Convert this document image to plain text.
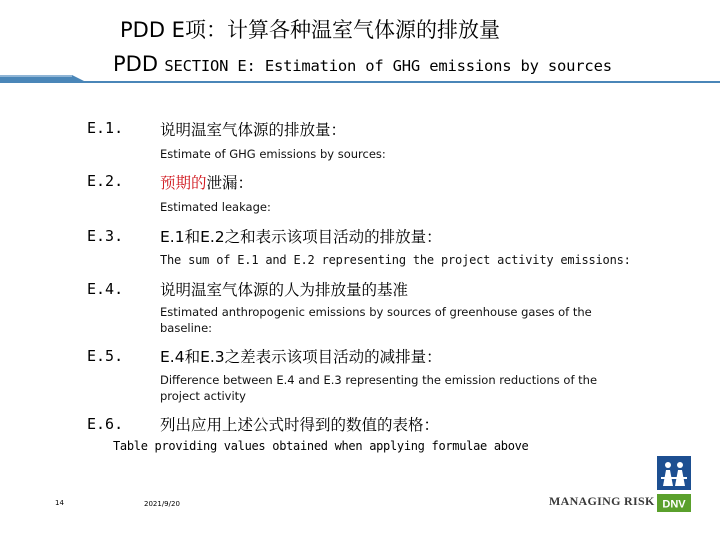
PDD E项：计算各种温室气体源的排放量
PDD SECTION E: Estimation of GHG emissions by sources
E.1. 说明温室气体源的排放量：
Estimate of GHG emissions by sources:
E.2. 预期的泄漏：
Estimated leakage:
E.3. E.1和E.2之和表示该项目活动的排放量：
The sum of E.1 and E.2 representing the project activity emissions:
E.4. 说明温室气体源的人为排放量的基准
Estimated anthropogenic emissions by sources of greenhouse gases of the baseline:
E.5. E.4和E.3之差表示该项目活动的减排量：
Difference between E.4 and E.3 representing the emission reductions of the project activity
E.6. 列出应用上述公式时得到的数值的表格：
Table providing values obtained when applying formulae above
14	2021/9/20	MANAGING RISK DNV
